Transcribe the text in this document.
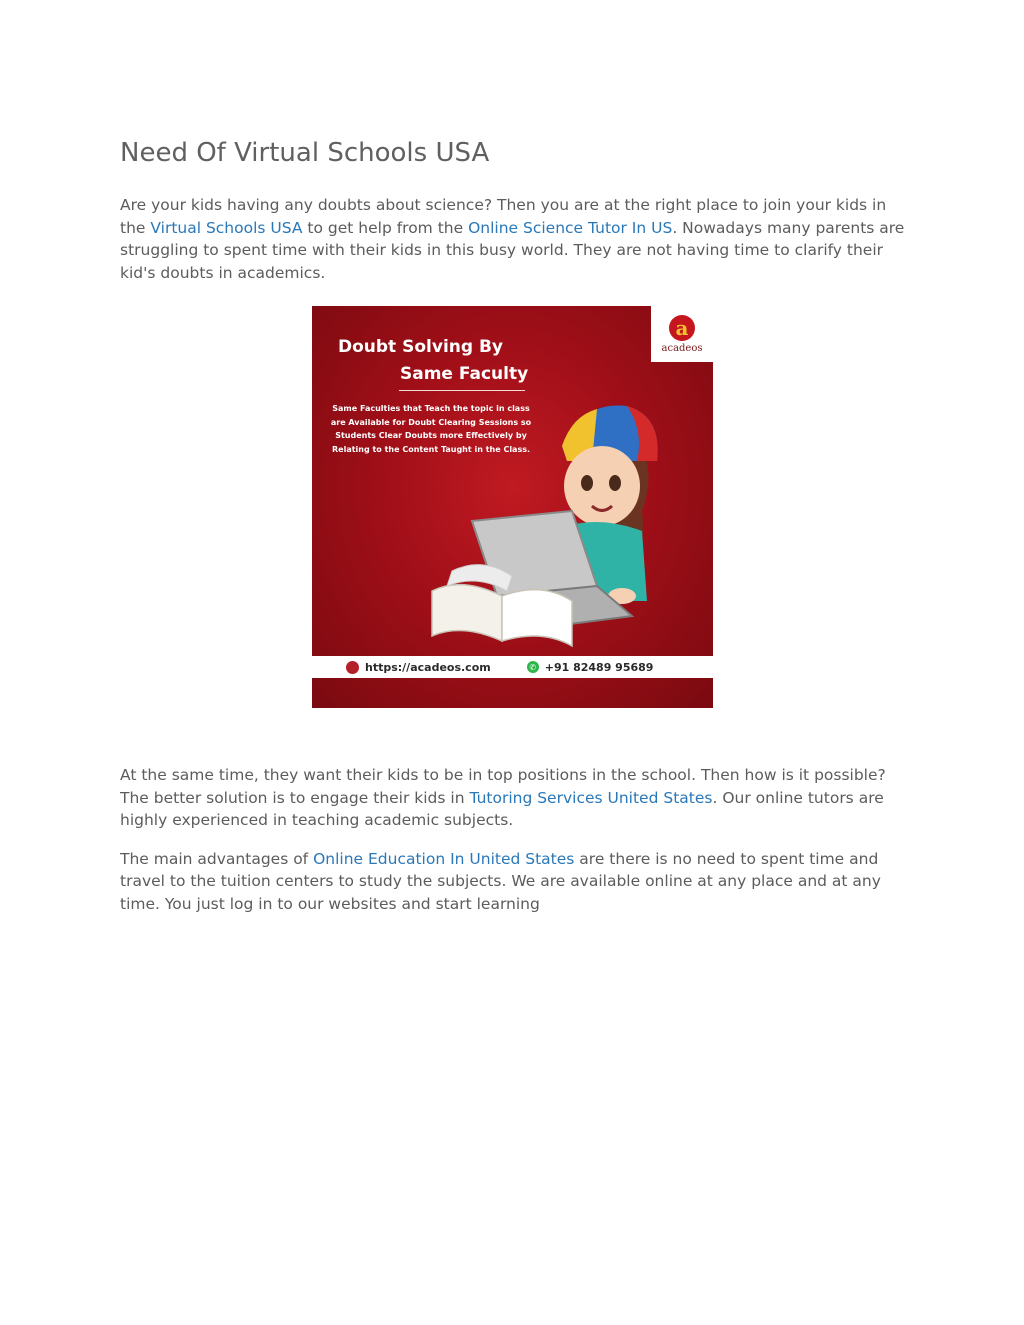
Need Of Virtual Schools USA

Are your kids having any doubts about science? Then you are at the right place to join your kids in the Virtual Schools USA to get help from the Online Science Tutor In US. Nowadays many parents are struggling to spent time with their kids in this busy world. They are not having time to clarify their kid's doubts in academics.

a
acadeos
Doubt Solving By
Same Faculty
Same Faculties that Teach the topic in class are Available for Doubt Clearing Sessions so Students Clear Doubts more Effectively by Relating to the Content Taught in the Class.
https://acadeos.com	✆ +91 82489 95689

At the same time, they want their kids to be in top positions in the school. Then how is it possible? The better solution is to engage their kids in Tutoring Services United States. Our online tutors are highly experienced in teaching academic subjects.

The main advantages of Online Education In United States are there is no need to spent time and travel to the tuition centers to study the subjects. We are available online at any place and at any time. You just log in to our websites and start learning
